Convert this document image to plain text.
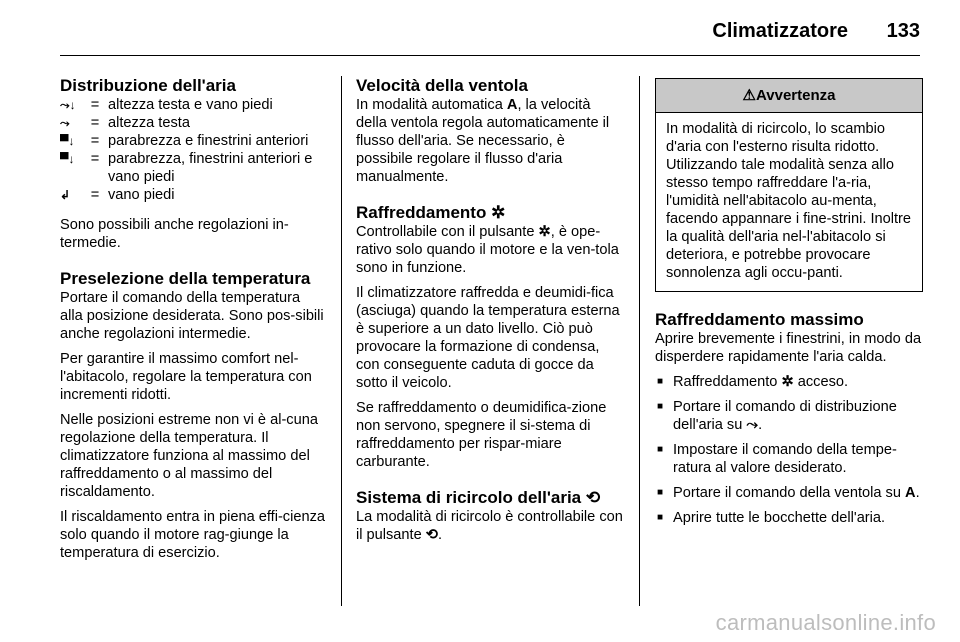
Climatizzatore 133
Distribuzione dell'aria
⤳↓	= altezza testa e vano piedi
⤳	= altezza testa
▀↓	= parabrezza e finestrini anteriori
▀↓	= parabrezza, finestrini anteriori e vano piedi
↲	= vano piedi

Sono possibili anche regolazioni in-termedie.

Preselezione della temperatura

Portare il comando della temperatura alla posizione desiderata. Sono pos-sibili anche regolazioni intermedie.

Per garantire il massimo comfort nel-l'abitacolo, regolare la temperatura con incrementi ridotti.

Nelle posizioni estreme non vi è al-cuna regolazione della temperatura. Il climatizzatore funziona al massimo del raffreddamento o al massimo del riscaldamento.

Il riscaldamento entra in piena effi-cienza solo quando il motore rag-giunge la temperatura di esercizio.

Velocità della ventola

In modalità automatica A, la velocità della ventola regola automaticamente il flusso dell'aria. Se necessario, è possibile regolare il flusso d'aria manualmente.

Raffreddamento ✲

Controllabile con il pulsante ✲, è ope-rativo solo quando il motore e la ven-tola sono in funzione.

Il climatizzatore raffredda e deumidi-fica (asciuga) quando la temperatura esterna è superiore a un dato livello. Ciò può provocare la formazione di condensa, con conseguente caduta di gocce da sotto il veicolo.

Se raffreddamento o deumidifica-zione non servono, spegnere il si-stema di raffreddamento per rispar-miare carburante.

Sistema di ricircolo dell'aria ⟲

La modalità di ricircolo è controllabile con il pulsante ⟲.

⚠Avvertenza
In modalità di ricircolo, lo scambio d'aria con l'esterno risulta ridotto. Utilizzando tale modalità senza allo stesso tempo raffreddare l'a-ria, l'umidità nell'abitacolo au-menta, facendo appannare i fine-strini. Inoltre la qualità dell'aria nel-l'abitacolo si deteriora, e potrebbe provocare sonnolenza agli occu-panti.
Raffreddamento massimo

Aprire brevemente i finestrini, in modo da disperdere rapidamente l'aria calda.

■ Raffreddamento ✲ acceso.
■ Portare il comando di distribuzione dell'aria su ⤳.
■ Impostare il comando della tempe-ratura al valore desiderato.
■ Portare il comando della ventola su A.
■ Aprire tutte le bocchette dell'aria.
carmanualsonline.info
